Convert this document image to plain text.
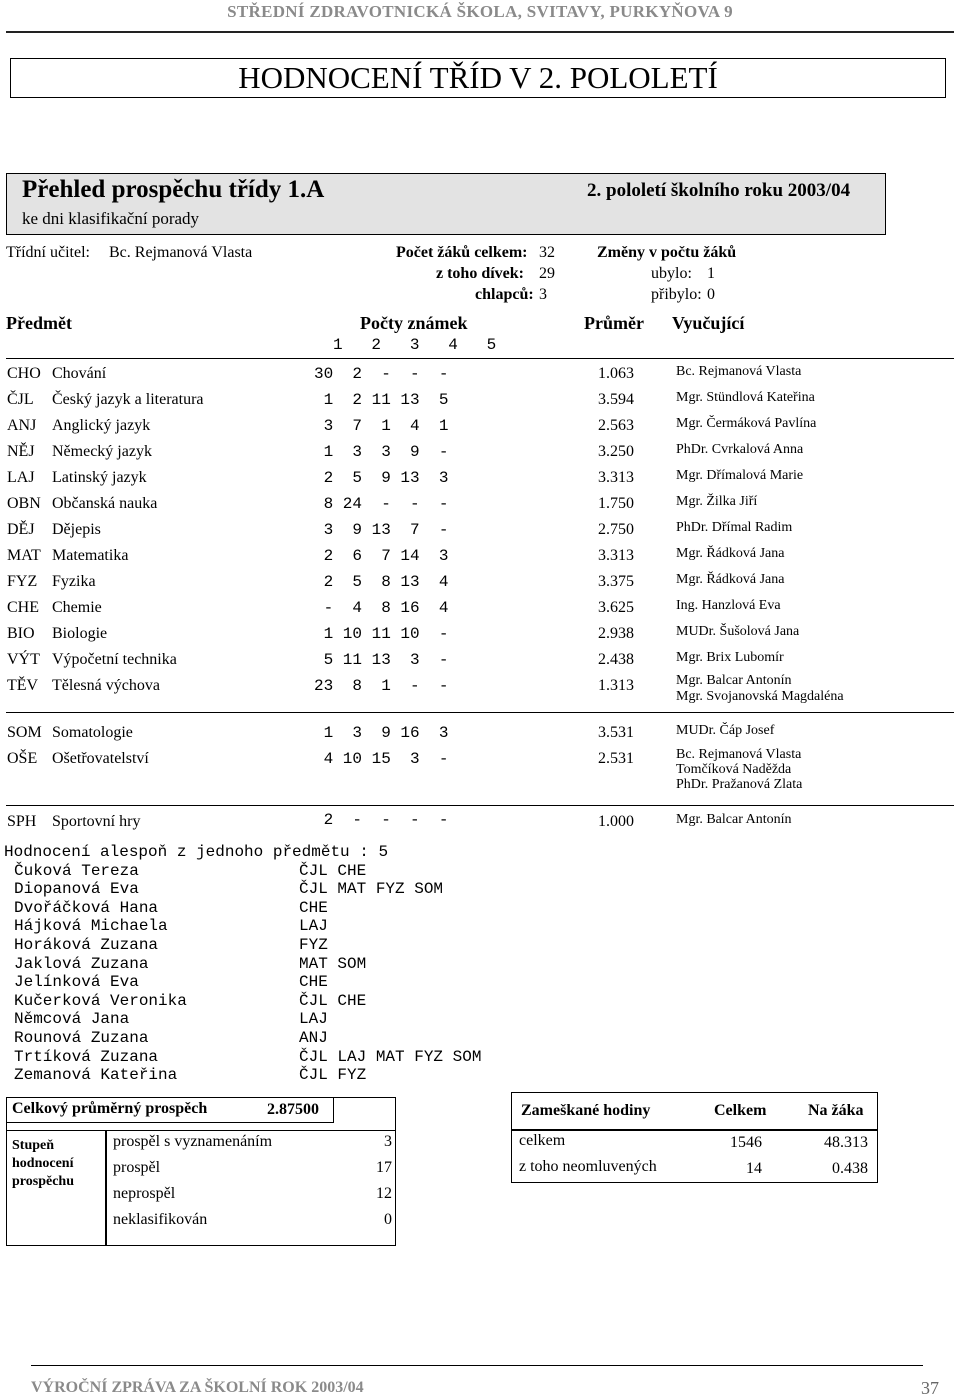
STŘEDNÍ ZDRAVOTNICKÁ ŠKOLA, SVITAVY, PURKYŇOVA 9
HODNOCENÍ TŘÍD V 2. POLOLETÍ
Přehled prospěchu třídy 1.A
ke dni klasifikační porady
2. pololetí školního roku 2003/04
Třídní učitel: Bc. Rejmanová Vlasta	Počet žáků celkem: 32
z toho dívek: 29
chlapců: 3
Změny v počtu žáků
ubylo: 1
přibylo: 0
Předmět	Počty známek
1   2   3   4   5
Průměr Vyučující
CHO Chování	30  2  -  -  -	1.063	Bc. Rejmanová Vlasta
ČJL Český jazyk a literatura	1  2 11 13  5	3.594	Mgr. Stündlová Kateřina
ANJ Anglický jazyk	3  7  1  4  1	2.563	Mgr. Čermáková Pavlína
NĚJ Německý jazyk	1  3  3  9  -	3.250	PhDr. Cvrkalová Anna
LAJ Latinský jazyk	2  5  9 13  3	3.313	Mgr. Dřímalová Marie
OBN Občanská nauka	8 24  -  -  -	1.750	Mgr. Žilka Jiří
DĚJ Dějepis	3  9 13  7  -	2.750	PhDr. Dřímal Radim
MAT Matematika	2  6  7 14  3	3.313	Mgr. Řádková Jana
FYZ Fyzika	2  5  8 13  4	3.375	Mgr. Řádková Jana
CHE Chemie	-  4  8 16  4	3.625	Ing. Hanzlová Eva
BIO Biologie	1 10 11 10  -	2.938	MUDr. Šušolová Jana
VÝT Výpočetní technika	5 11 13  3  -	2.438	Mgr. Brix Lubomír
TĚV Tělesná výchova	23  8  1  -  -	1.313	Mgr. Balcar Antonín
Mgr. Svojanovská Magdaléna
SOM Somatologie	1  3  9 16  3	3.531	MUDr. Čáp Josef
OŠE Ošetřovatelství	4 10 15  3  -	2.531	Bc. Rejmanová Vlasta
Tomčíková Naděžda
PhDr. Pražanová Zlata
SPH Sportovní hry	2  -  -  -  -	1.000	Mgr. Balcar Antonín
Hodnocení alespoň z jednoho předmětu : 5
Čuková Tereza	ČJL CHE
Diopanová Eva	ČJL MAT FYZ SOM
Dvořáčková Hana	CHE
Hájková Michaela	LAJ
Horáková Zuzana	FYZ
Jaklová Zuzana	MAT SOM
Jelínková Eva	CHE
Kučerková Veronika	ČJL CHE
Němcová Jana	LAJ
Rounová Zuzana	ANJ
Trtíková Zuzana	ČJL LAJ MAT FYZ SOM
Zemanová Kateřina	ČJL FYZ
Celkový průměrný prospěch	2.87500
Stupeň hodnocení prospěchu
prospěl s vyznamenáním	3
prospěl	17
neprospěl	12
neklasifikován	0
Zameškané hodiny	Celkem	Na žáka
celkem	1546	48.313
z toho neomluvených	14	0.438
VÝROČNÍ ZPRÁVA ZA ŠKOLNÍ ROK 2003/04	37
